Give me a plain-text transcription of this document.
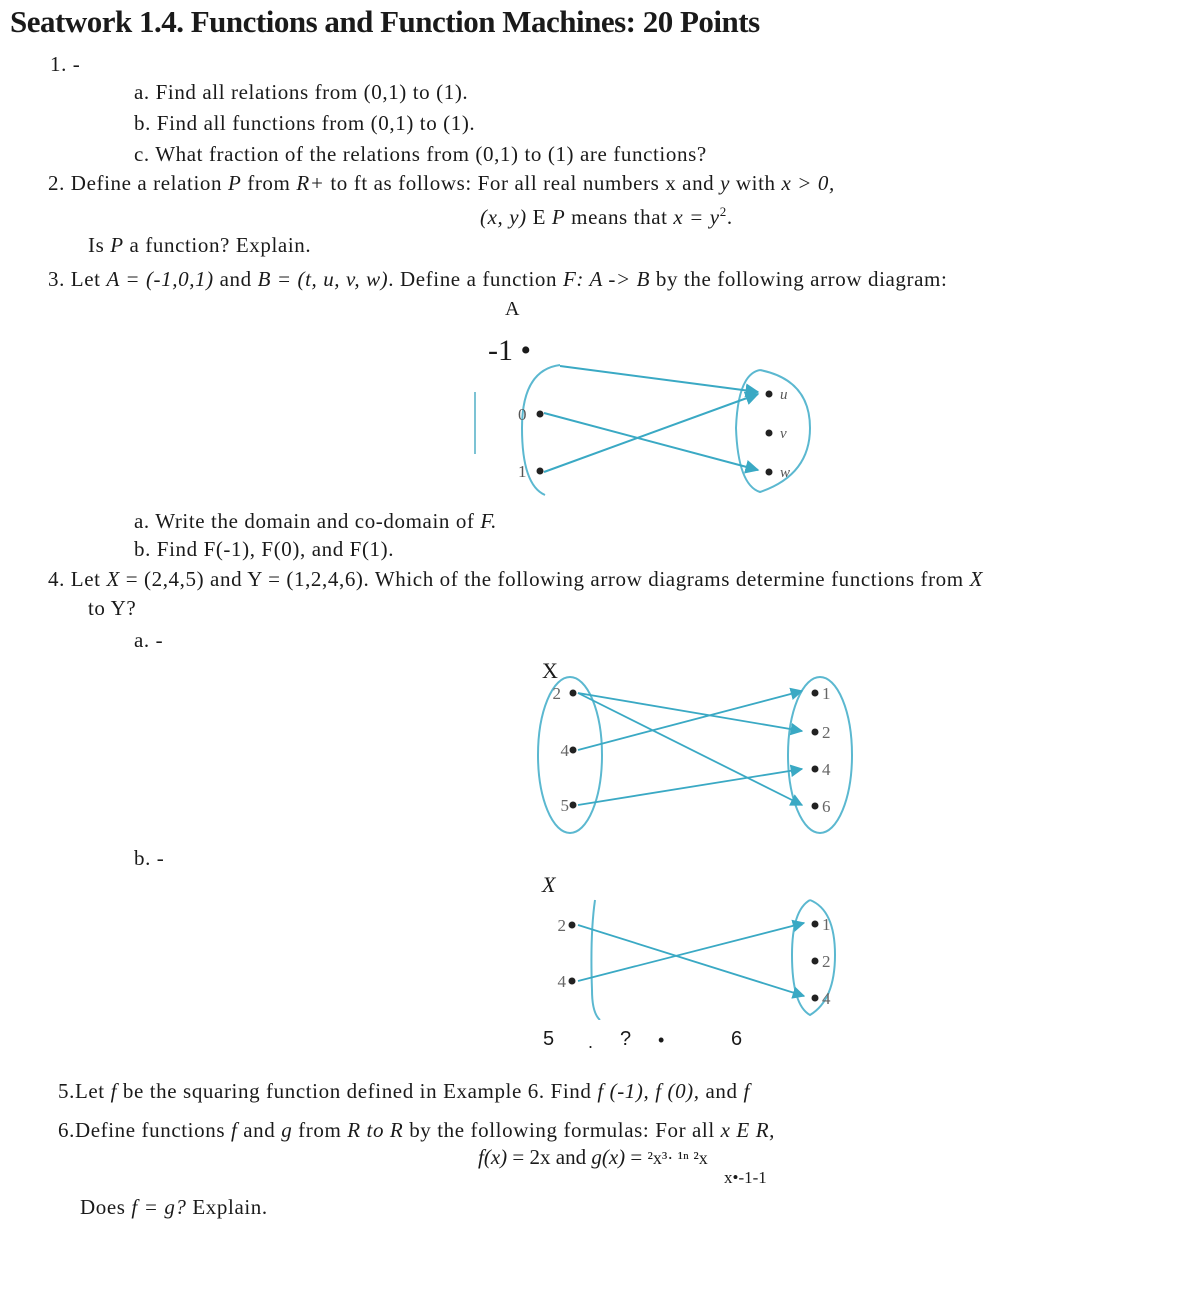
Seatwork 1.4. Functions and Function Machines: 20 Points
1. -
a. Find all relations from (0,1) to (1).
b. Find all functions from (0,1) to (1).
c. What fraction of the relations from (0,1) to (1) are functions?
2. Define a relation P from R+ to ft as follows: For all real numbers x and y with x > 0,
(x, y) E P means that $x = y^2$.
Is P a function? Explain.
3. Let A = (-1,0,1) and B = (t, u, v, w). Define a function F: A -> B by the following arrow diagram:
A
-1 •
0
1
u
v
w
a. Write the domain and co-domain of F.
b. Find F(-1), F(0), and F(1).
4. Let X = (2,4,5) and Y = (1,2,4,6). Which of the following arrow diagrams determine functions from X
to Y?
a. -
X
2
4
5
1
2
4
6
b. -
X
2
4
1
2
4
5 . ? •	6
5.Let f be the squaring function defined in Example 6. Find f (-1), f (0), and f
6.Define functions f and g from R to R by the following formulas: For all x E R,
f(x) = 2x and g(x) = ²x³· ¹ⁿ ²x
x•-1-1
Does f = g? Explain.
